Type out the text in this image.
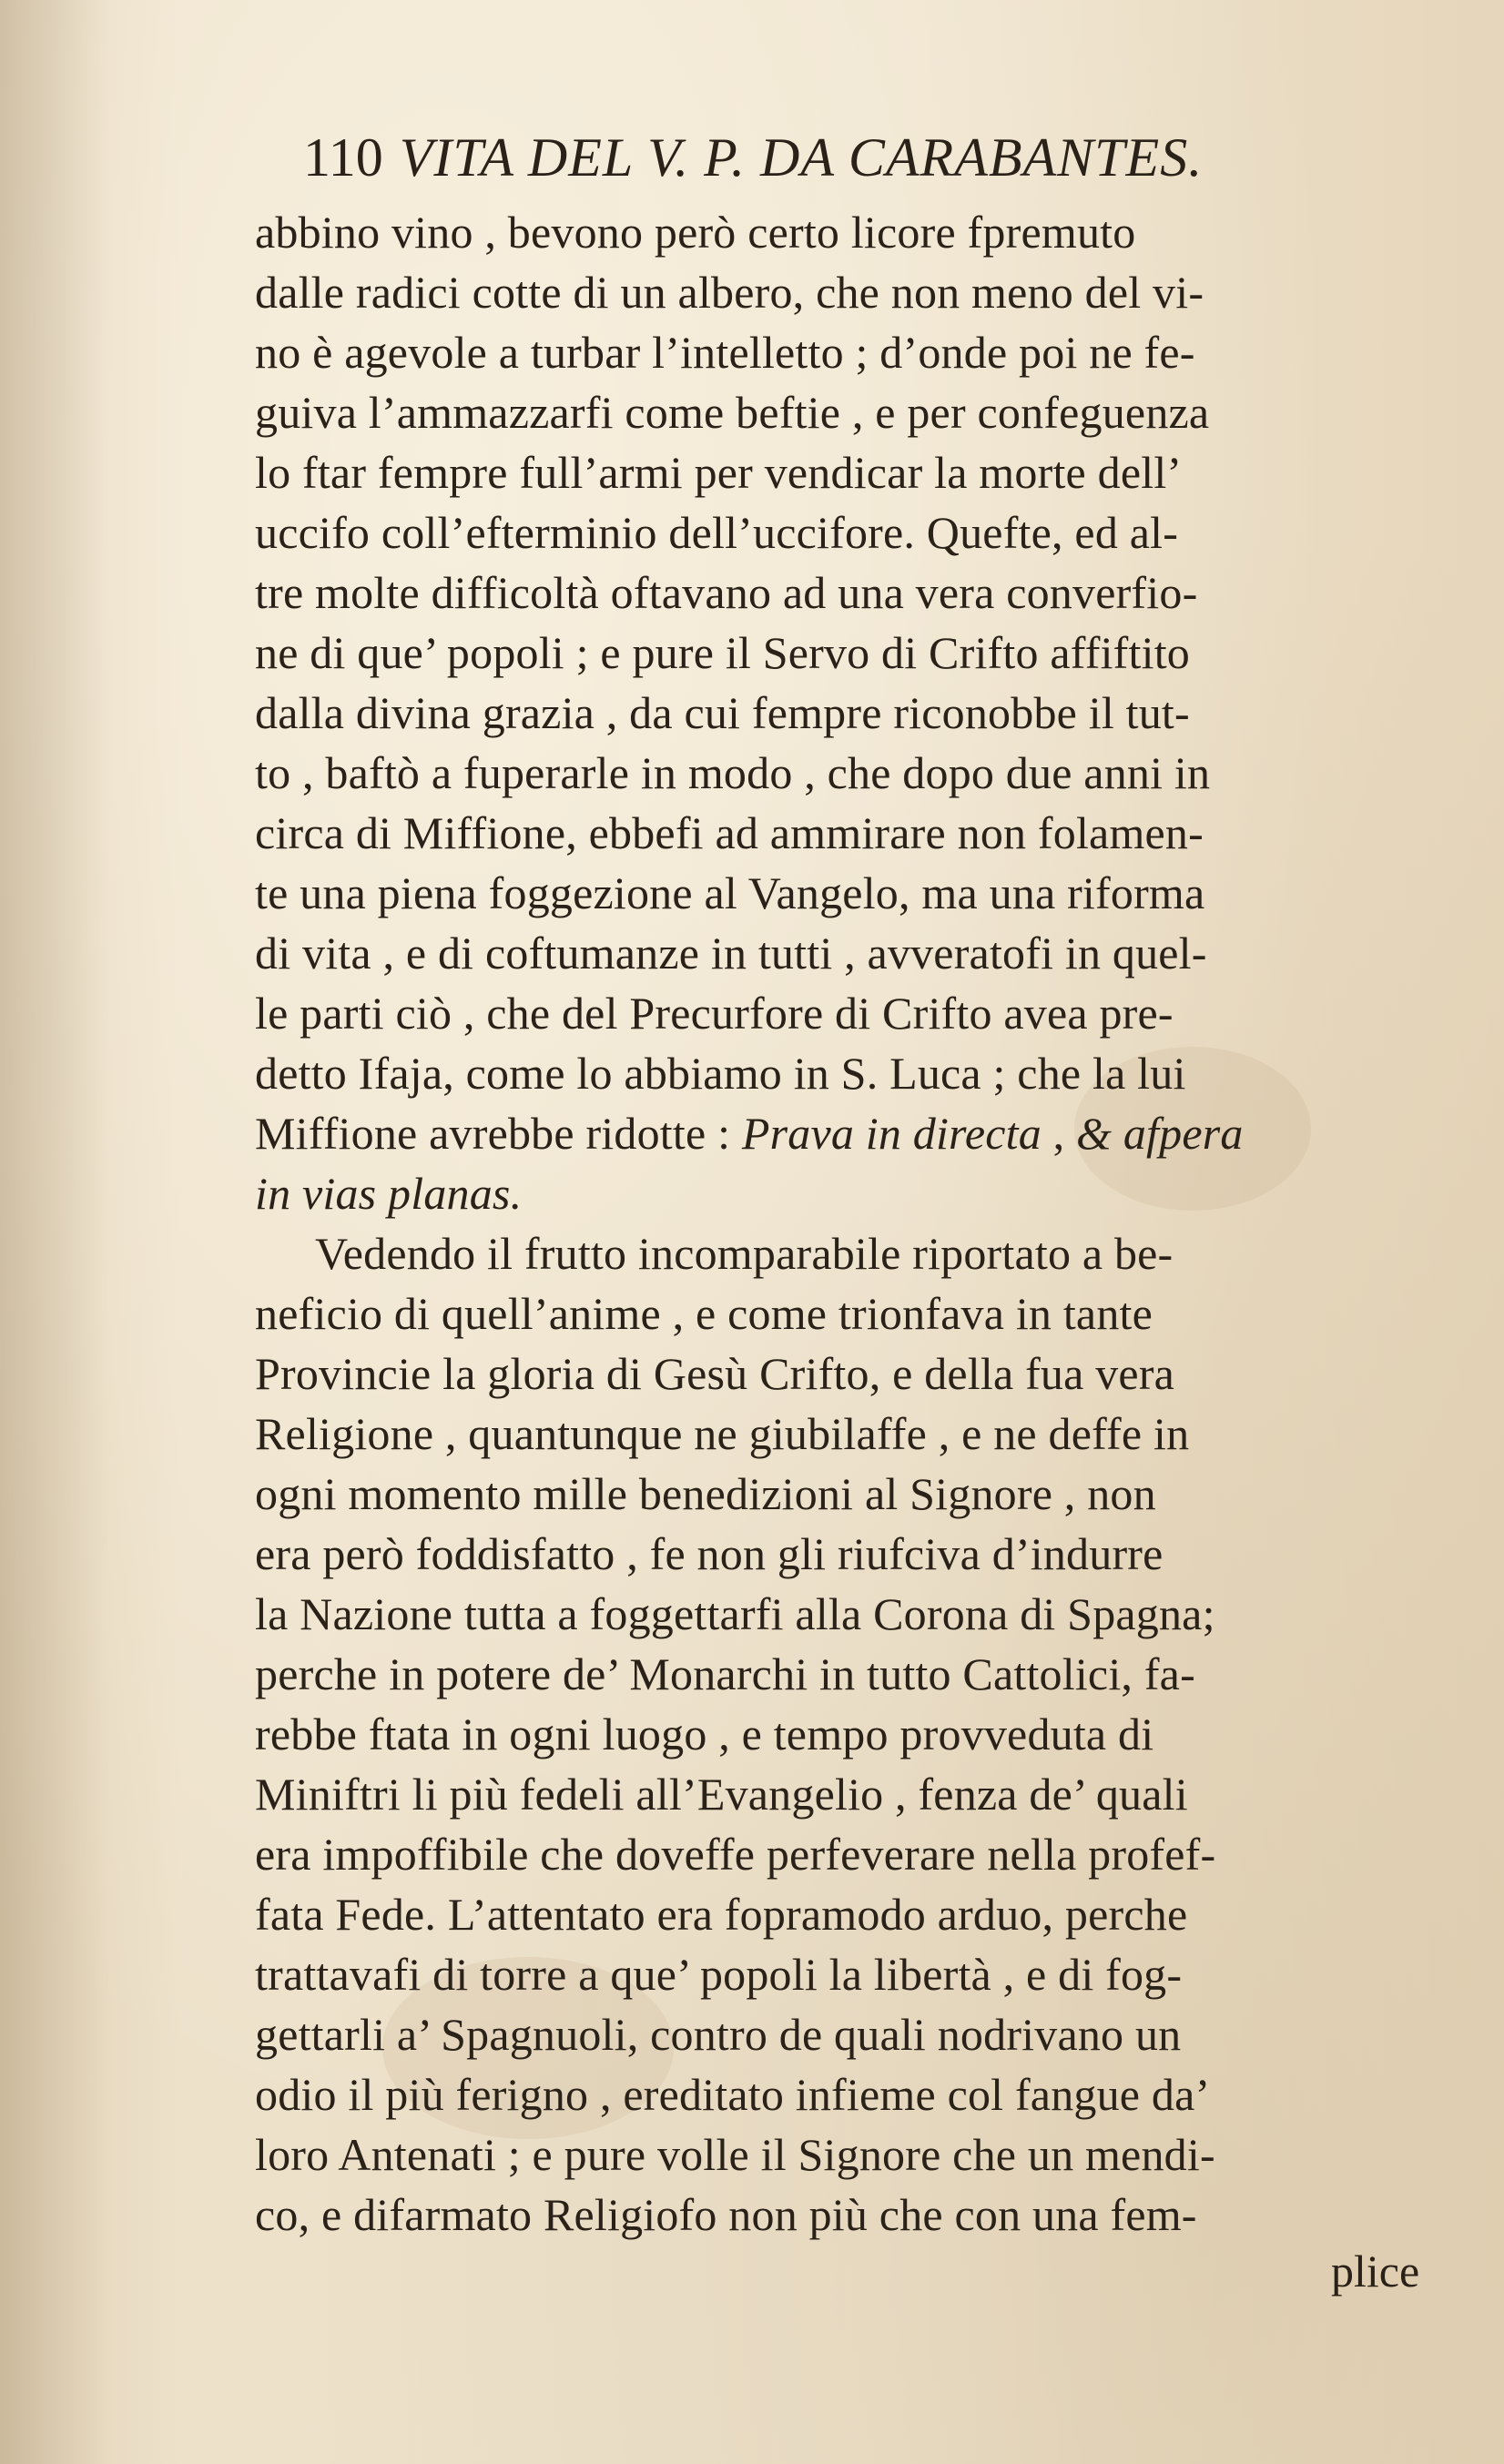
110 VITA DEL V. P. DA CARABANTES.
abbino vino , bevono però certo licore fpremuto
dalle radici cotte di un albero, che non meno del vi-
no è agevole a turbar l’intelletto ; d’onde poi ne fe-
guiva l’ammazzarfi come beftie , e per confeguenza
lo ftar fempre full’armi per vendicar la morte dell’
uccifo coll’efterminio dell’uccifore. Quefte, ed al-
tre molte difficoltà oftavano ad una vera converfio-
ne di que’ popoli ; e pure il Servo di Crifto affiftito
dalla divina grazia , da cui fempre riconobbe il tut-
to , baftò a fuperarle in modo , che dopo due anni in
circa di Miffione, ebbefi ad ammirare non folamen-
te una piena foggezione al Vangelo, ma una riforma
di vita , e di coftumanze in tutti , avveratofi in quel-
le parti ciò , che del Precurfore di Crifto avea pre-
detto Ifaja, come lo abbiamo in S. Luca ; che la lui
Miffione avrebbe ridotte : Prava in directa , & afpera
in vias planas.
Vedendo il frutto incomparabile riportato a be-
neficio di quell’anime , e come trionfava in tante
Provincie la gloria di Gesù Crifto, e della fua vera
Religione , quantunque ne giubilaffe , e ne deffe in
ogni momento mille benedizioni al Signore , non
era però foddisfatto , fe non gli riufciva d’indurre
la Nazione tutta a foggettarfi alla Corona di Spagna;
perche in potere de’ Monarchi in tutto Cattolici, fa-
rebbe ftata in ogni luogo , e tempo provveduta di
Miniftri li più fedeli all’Evangelio , fenza de’ quali
era impoffibile che doveffe perfeverare nella profef-
fata Fede. L’attentato era fopramodo arduo, perche
trattavafi di torre a que’ popoli la libertà , e di fog-
gettarli a’ Spagnuoli, contro de quali nodrivano un
odio il più ferigno , ereditato infieme col fangue da’
loro Antenati ; e pure volle il Signore che un mendi-
co, e difarmato Religiofo non più che con una fem-
plice
